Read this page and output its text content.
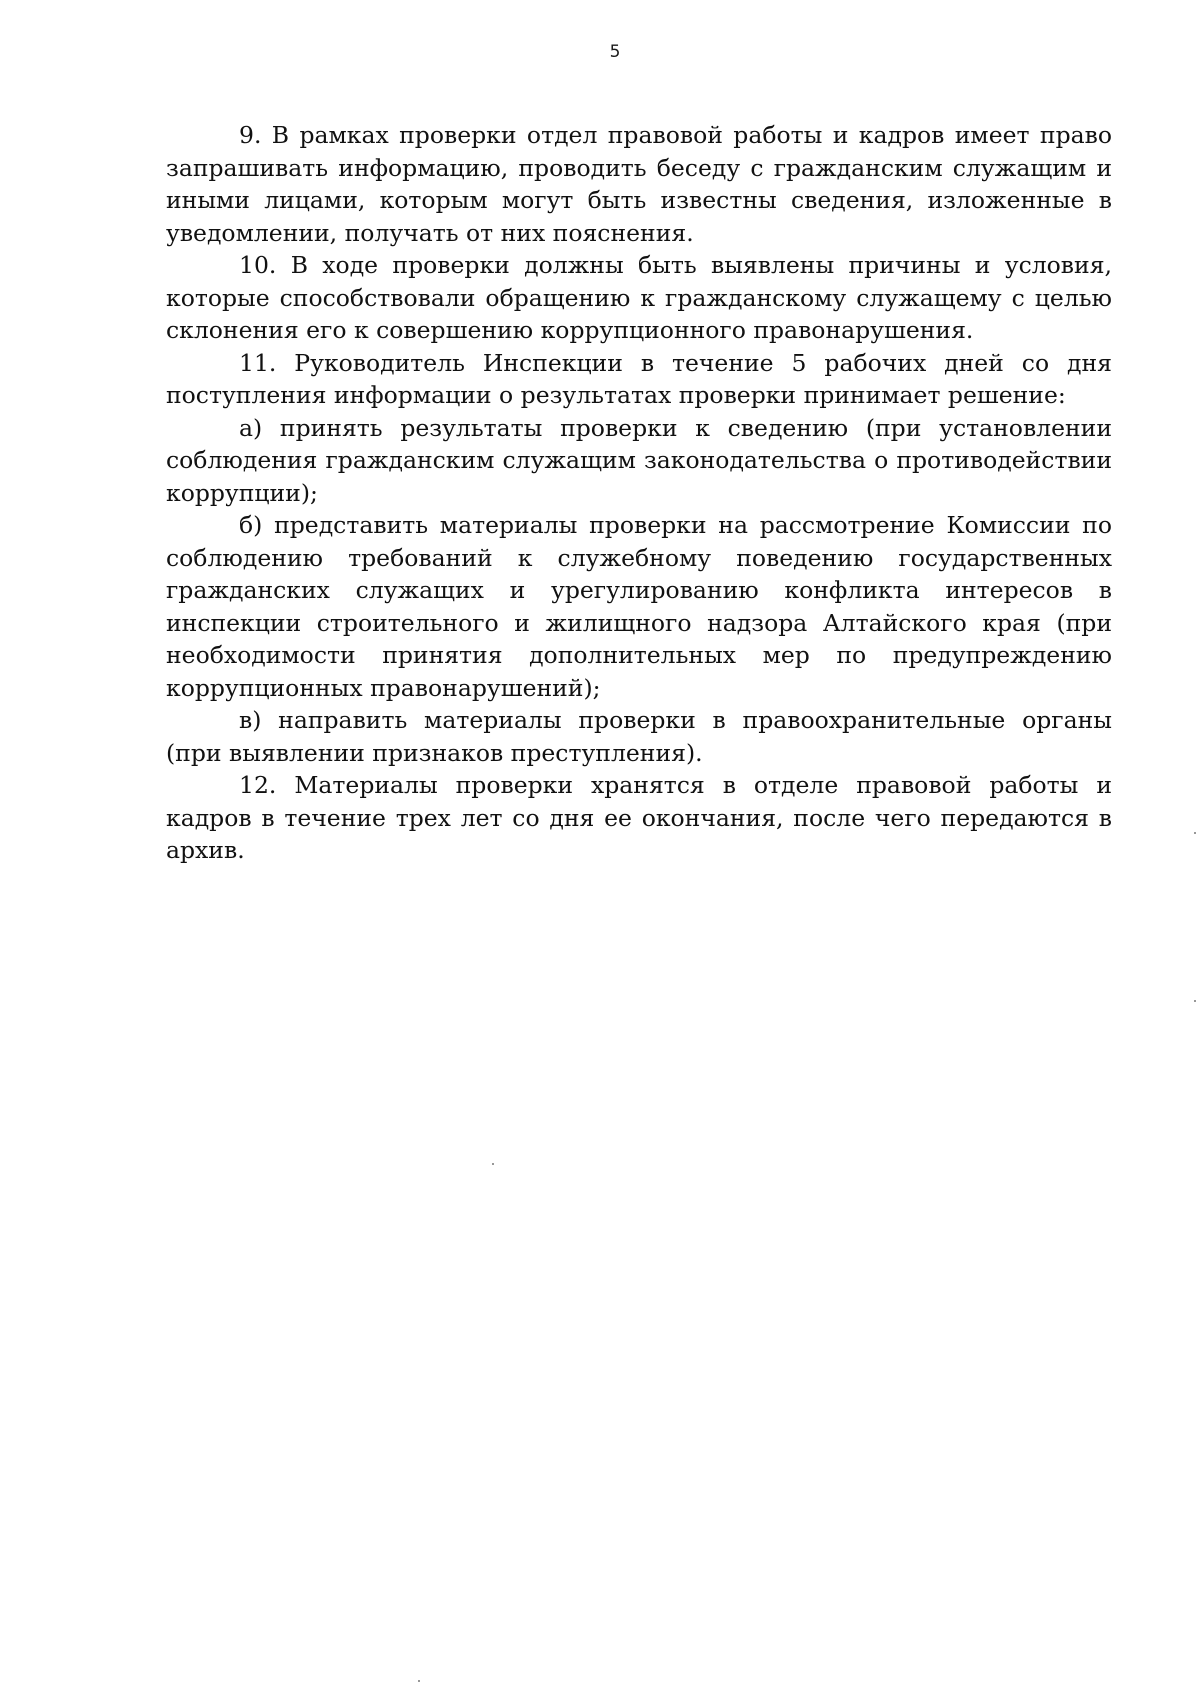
5

9. В рамках проверки отдел правовой работы и кадров имеет право запрашивать информацию, проводить беседу с гражданским служащим и иными лицами, которым могут быть известны сведения, изложенные в уведомлении, получать от них пояснения.

10. В ходе проверки должны быть выявлены причины и условия, которые способствовали обращению к гражданскому служащему с целью склонения его к совершению коррупционного правонарушения.

11. Руководитель Инспекции в течение 5 рабочих дней со дня поступления информации о результатах проверки принимает решение:

а) принять результаты проверки к сведению (при установлении соблюдения гражданским служащим законодательства о противодействии коррупции);

б) представить материалы проверки на рассмотрение Комиссии по соблюдению требований к служебному поведению государственных гражданских служащих и урегулированию конфликта интересов в инспекции строительного и жилищного надзора Алтайского края (при необходимости принятия дополнительных мер по предупреждению коррупционных правонарушений);

в) направить материалы проверки в правоохранительные органы (при выявлении признаков преступления).

12. Материалы проверки хранятся в отделе правовой работы и кадров в течение трех лет со дня ее окончания, после чего передаются в архив.
